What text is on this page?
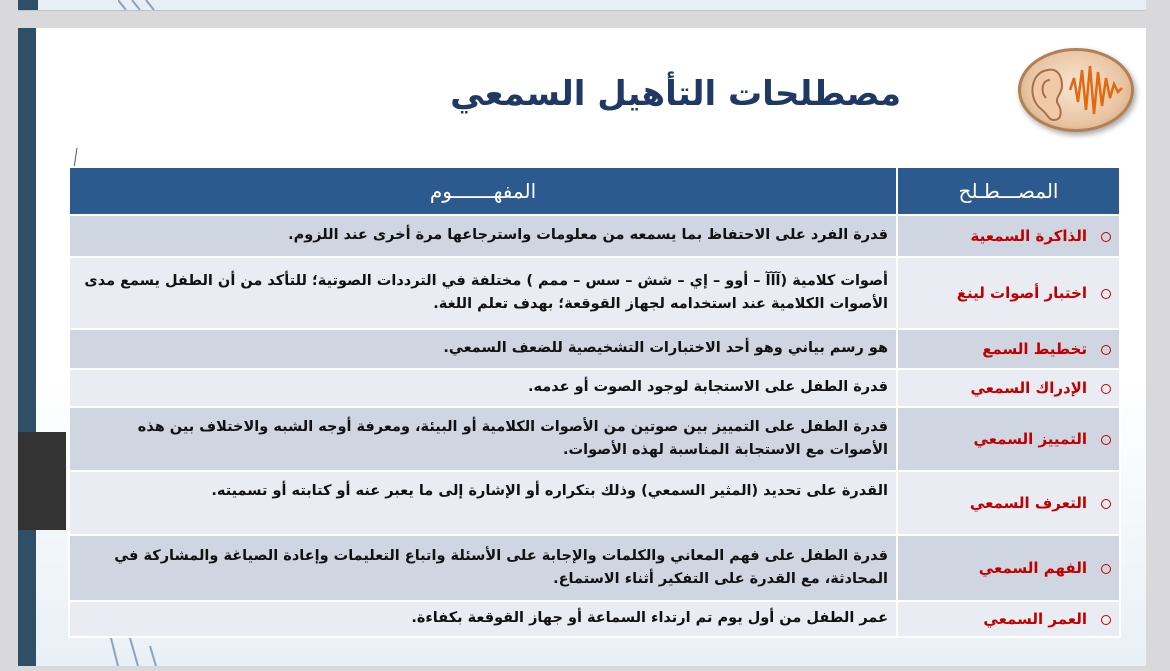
مصطلحات التأهيل السمعي
المصـــطـلح	المفهـــــــوم
الذاكرة السمعية	قدرة الفرد على الاحتفاظ بما يسمعه من معلومات واسترجاعها مرة أخرى عند اللزوم.
اختبار أصوات لينغ	أصوات كلامية (آآآ – أوو – إي – شش – سس – ممم ) مختلفة في الترددات الصوتية؛ للتأكد من أن الطفل يسمع مدى الأصوات الكلامية عند استخدامه لجهاز القوقعة؛ بهدف تعلم اللغة.
تخطيط السمع	هو رسم بياني وهو أحد الاختبارات التشخيصية للضعف السمعي.
الإدراك السمعي	قدرة الطفل على الاستجابة لوجود الصوت أو عدمه.
التمييز السمعي	قدرة الطفل على التمييز بين صوتين من الأصوات الكلامية أو البيئة، ومعرفة أوجه الشبه والاختلاف بين هذه الأصوات مع الاستجابة المناسبة لهذه الأصوات.
التعرف السمعي	القدرة على تحديد (المثير السمعي) وذلك بتكراره أو الإشارة إلى ما يعبر عنه أو كتابته أو تسميته.
الفهم السمعي	قدرة الطفل على فهم المعاني والكلمات والإجابة على الأسئلة واتباع التعليمات وإعادة الصياغة والمشاركة في المحادثة، مع القدرة على التفكير أثناء الاستماع.
العمر السمعي	عمر الطفل من أول يوم تم ارتداء السماعة أو جهاز القوقعة بكفاءة.
